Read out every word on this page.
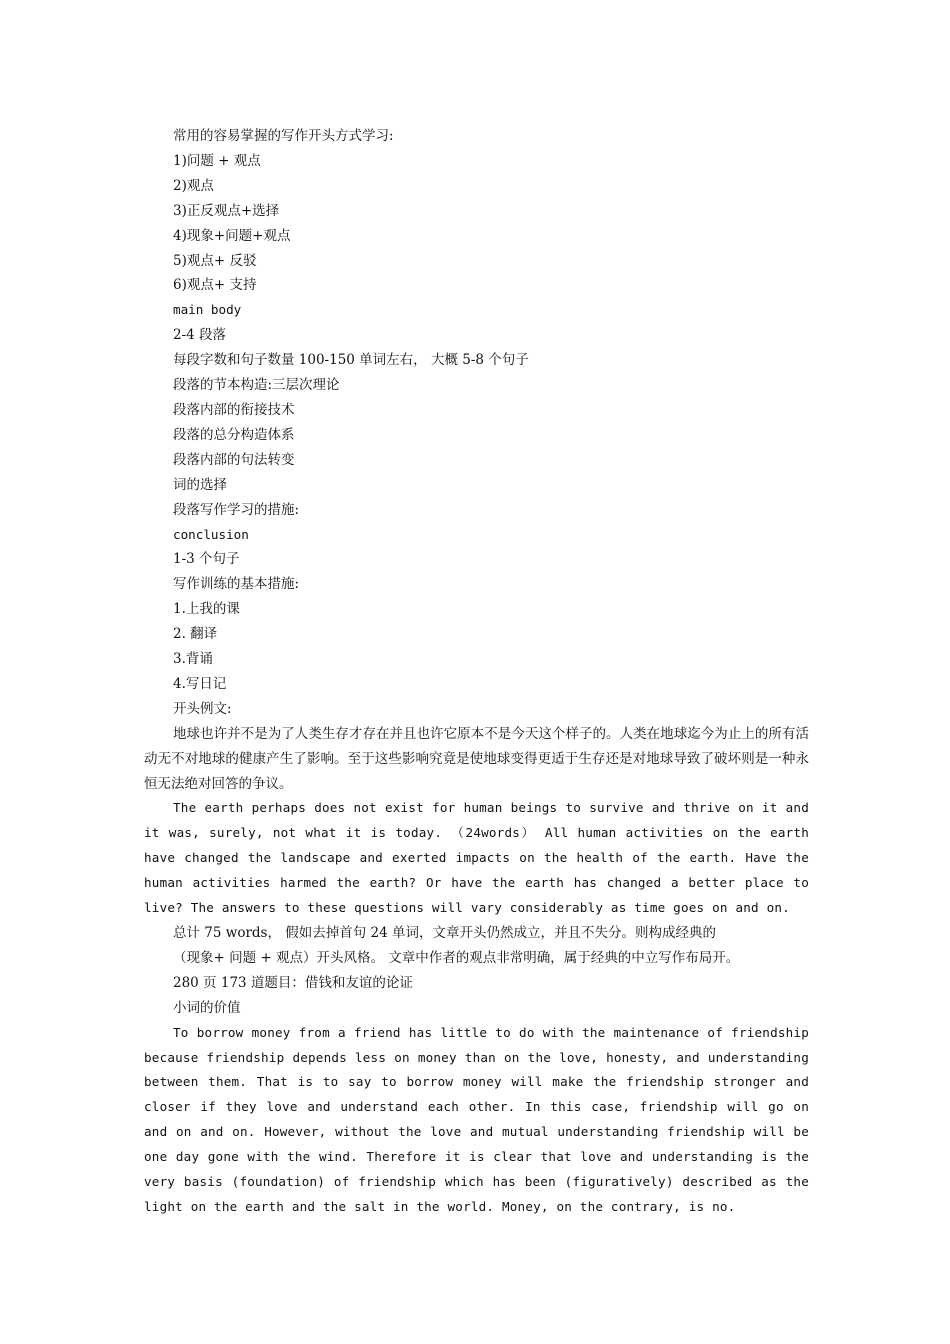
常用的容易掌握的写作开头方式学习:
1)问题 + 观点
2)观点
3)正反观点+选择
4)现象+问题+观点
5)观点+ 反驳
6)观点+ 支持
main body
2-4 段落
每段字数和句子数量 100-150 单词左右， 大概 5-8 个句子
段落的节本构造:三层次理论
段落内部的衔接技术
段落的总分构造体系
段落内部的句法转变
词的选择
段落写作学习的措施:
conclusion
1-3 个句子
写作训练的基本措施:
1.上我的课
2. 翻译
3.背诵
4.写日记
开头例文:

地球也许并不是为了人类生存才存在并且也许它原本不是今天这个样子的。人类在地球迄今为止上的所有活动无不对地球的健康产生了影响。至于这些影响究竟是使地球变得更适于生存还是对地球导致了破坏则是一种永恒无法绝对回答的争议。

The earth perhaps does not exist for human beings to survive and thrive on it and it was, surely, not what it is today. （24words） All human activities on the earth have changed the landscape and exerted impacts on the health of the earth. Have the human activities harmed the earth? Or have the earth has changed a better place to live? The answers to these questions will vary considerably as time goes on and on.

总计 75 words， 假如去掉首句 24 单词，文章开头仍然成立，并且不失分。则构成经典的
（现象+ 问题 + 观点）开头风格。 文章中作者的观点非常明确，属于经典的中立写作布局开。
280 页 173 道题目：借钱和友谊的论证
小词的价值

To borrow money from a friend has little to do with the maintenance of friendship because friendship depends less on money than on the love, honesty, and understanding between them. That is to say to borrow money will make the friendship stronger and closer if they love and understand each other. In this case, friendship will go on and on and on. However, without the love and mutual understanding friendship will be one day gone with the wind. Therefore it is clear that love and understanding is the very basis (foundation) of friendship which has been (figuratively) described as the light on the earth and the salt in the world. Money, on the contrary, is no.
